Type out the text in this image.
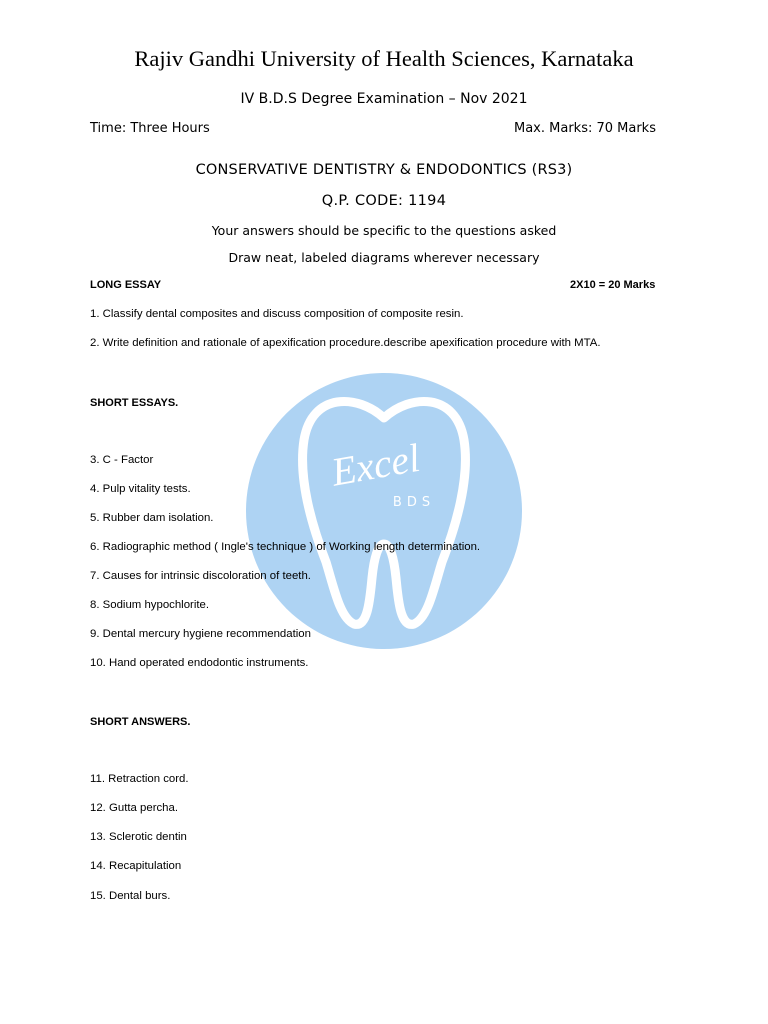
Excel
BDS
Rajiv Gandhi University of Health Sciences, Karnataka
IV B.D.S Degree Examination – Nov 2021
Time: Three Hours	Max. Marks: 70 Marks
CONSERVATIVE DENTISTRY & ENDODONTICS (RS3)
Q.P. CODE: 1194
Your answers should be specific to the questions asked
Draw neat, labeled diagrams wherever necessary
LONG ESSAY	2X10 = 20 Marks
1. Classify dental composites and discuss composition of composite resin.
2. Write definition and rationale of apexification procedure.describe apexification procedure with MTA.
SHORT ESSAYS.
3. C - Factor
4. Pulp vitality tests.
5. Rubber dam isolation.
6. Radiographic method ( Ingle's technique ) of Working length determination.
7. Causes for intrinsic discoloration of teeth.
8. Sodium hypochlorite.
9. Dental mercury hygiene recommendation
10. Hand operated endodontic instruments.
SHORT ANSWERS.
11. Retraction cord.
12. Gutta percha.
13. Sclerotic dentin
14. Recapitulation
15. Dental burs.
